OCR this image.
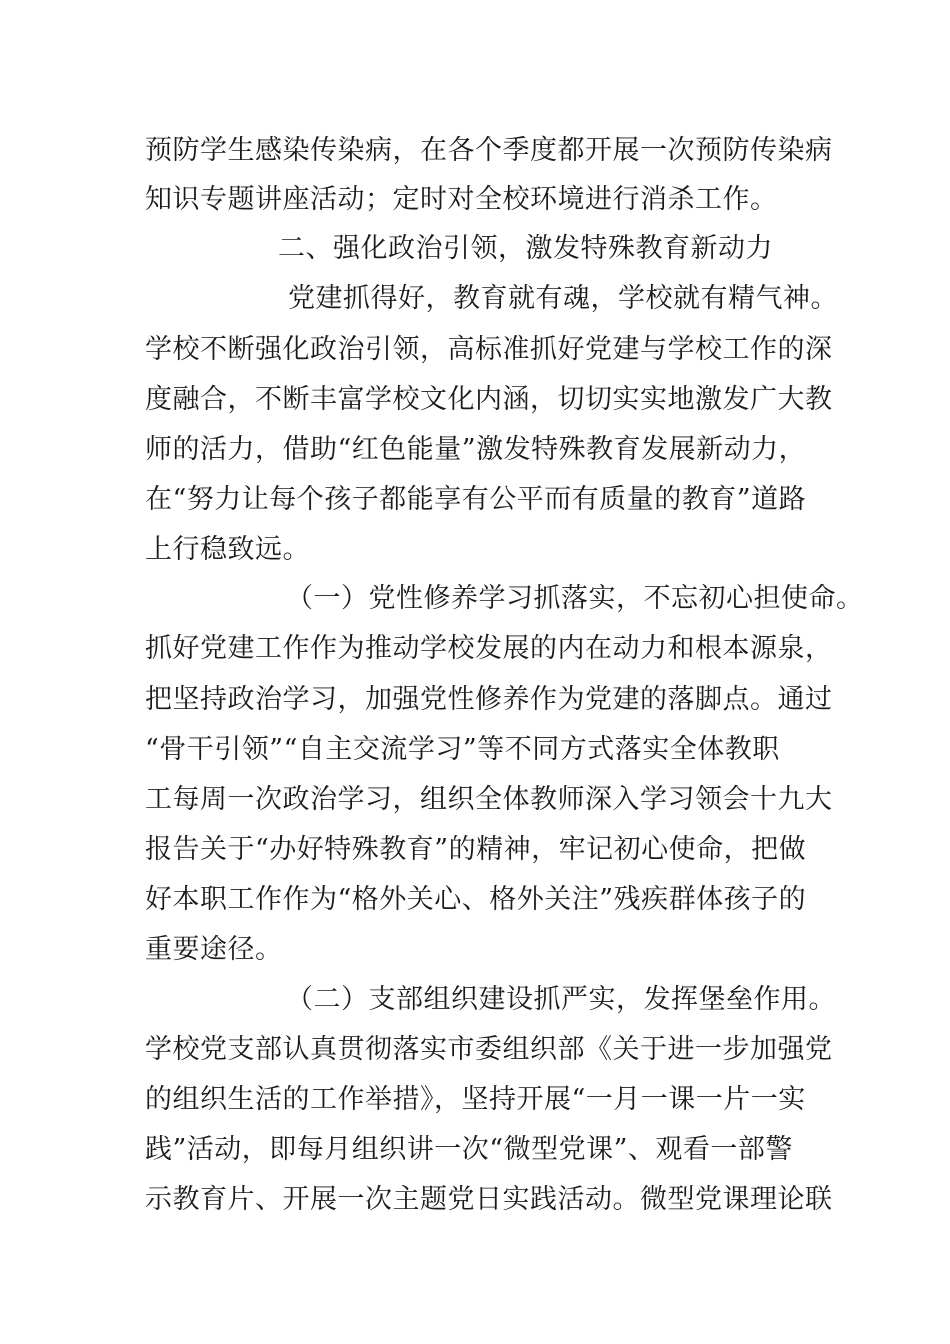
预防学生感染传染病，在各个季度都开展一次预防传染病
知识专题讲座活动；定时对全校环境进行消杀工作。
二、强化政治引领，激发特殊教育新动力
党建抓得好，教育就有魂，学校就有精气神。
学校不断强化政治引领，高标准抓好党建与学校工作的深
度融合，不断丰富学校文化内涵，切切实实地激发广大教
师的活力，借助“红色能量”激发特殊教育发展新动力，
在“努力让每个孩子都能享有公平而有质量的教育”道路
上行稳致远。
（一）党性修养学习抓落实，不忘初心担使命。
抓好党建工作作为推动学校发展的内在动力和根本源泉，
把坚持政治学习，加强党性修养作为党建的落脚点。通过
“骨干引领”“自主交流学习”等不同方式落实全体教职
工每周一次政治学习，组织全体教师深入学习领会十九大
报告关于“办好特殊教育”的精神，牢记初心使命，把做
好本职工作作为“格外关心、格外关注”残疾群体孩子的
重要途径。
（二）支部组织建设抓严实，发挥堡垒作用。
学校党支部认真贯彻落实市委组织部《关于进一步加强党
的组织生活的工作举措》，坚持开展“一月一课一片一实
践”活动，即每月组织讲一次“微型党课”、观看一部警
示教育片、开展一次主题党日实践活动。微型党课理论联
